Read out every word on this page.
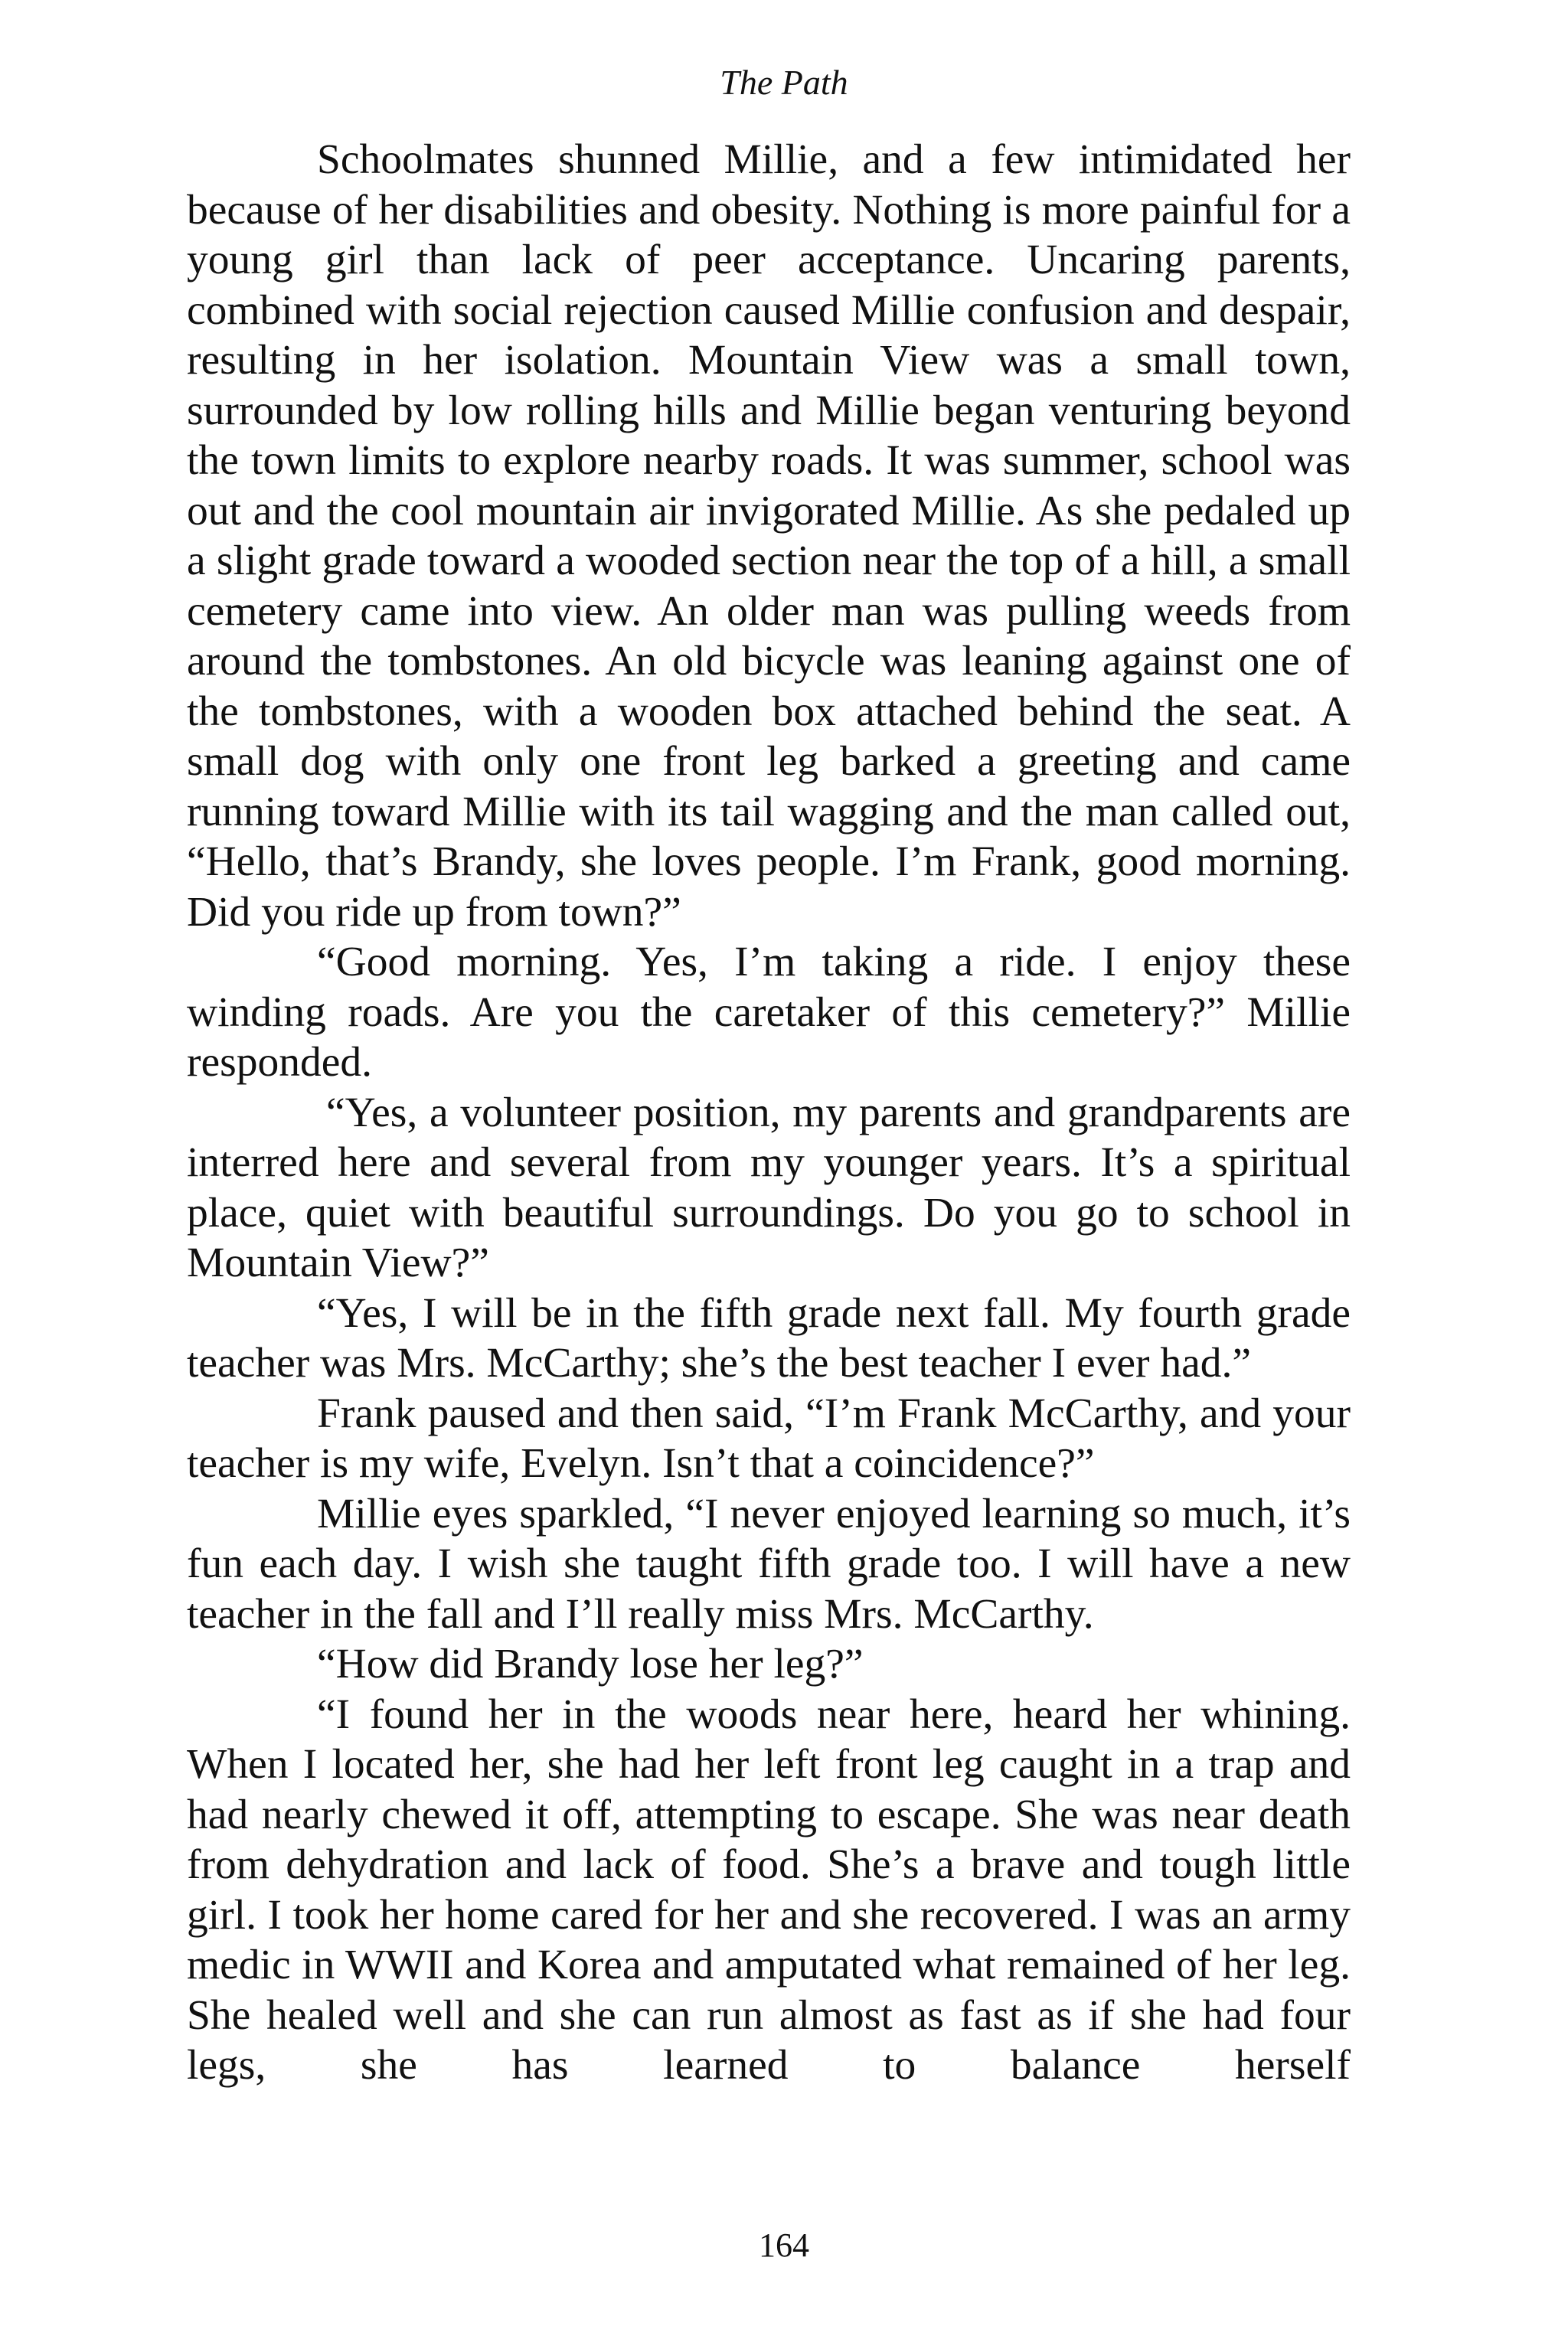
The Path

Schoolmates shunned Millie, and a few intimidated her because of her disabilities and obesity. Nothing is more painful for a young girl than lack of peer acceptance. Uncaring parents, combined with social rejection caused Millie confusion and despair, resulting in her isolation. Mountain View was a small town, surrounded by low rolling hills and Millie began venturing beyond the town limits to explore nearby roads. It was summer, school was out and the cool mountain air invigorated Millie. As she pedaled up a slight grade toward a wooded section near the top of a hill, a small cemetery came into view. An older man was pulling weeds from around the tombstones. An old bicycle was leaning against one of the tombstones, with a wooden box attached behind the seat. A small dog with only one front leg barked a greeting and came running toward Millie with its tail wagging and the man called out, “Hello, that’s Brandy, she loves people. I’m Frank, good morning. Did you ride up from town?”

“Good morning. Yes, I’m taking a ride. I enjoy these winding roads. Are you the caretaker of this cemetery?” Millie responded.

“Yes, a volunteer position, my parents and grandparents are interred here and several from my younger years. It’s a spiritual place, quiet with beautiful surroundings. Do you go to school in Mountain View?”

“Yes, I will be in the fifth grade next fall. My fourth grade teacher was Mrs. McCarthy; she’s the best teacher I ever had.”

Frank paused and then said, “I’m Frank McCarthy, and your teacher is my wife, Evelyn. Isn’t that a coincidence?”

Millie eyes sparkled, “I never enjoyed learning so much, it’s fun each day. I wish she taught fifth grade too. I will have a new teacher in the fall and I’ll really miss Mrs. McCarthy.

“How did Brandy lose her leg?”

“I found her in the woods near here, heard her whining. When I located her, she had her left front leg caught in a trap and had nearly chewed it off, attempting to escape. She was near death from dehydration and lack of food. She’s a brave and tough little girl. I took her home cared for her and she recovered. I was an army medic in WWII and Korea and amputated what remained of her leg. She healed well and she can run almost as fast as if she had four legs, she has learned to balance herself

164
